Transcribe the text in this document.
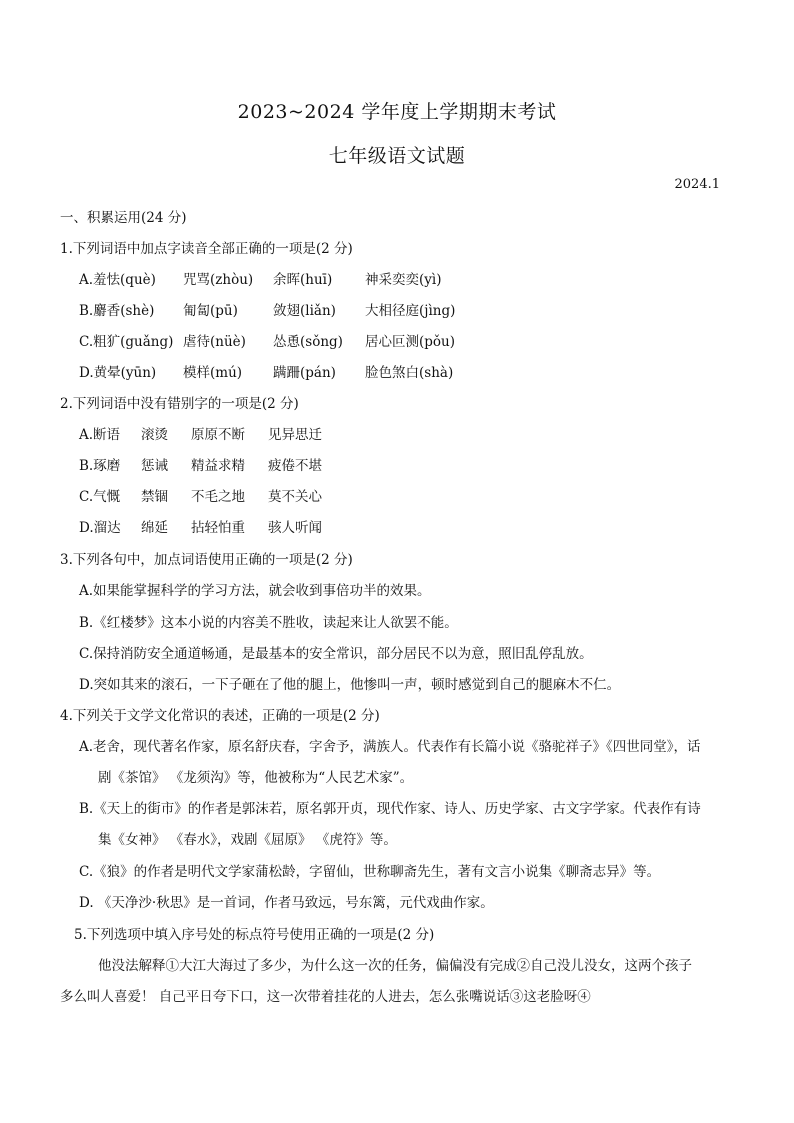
2023~2024 学年度上学期期末考试
七年级语文试题
2024.1
一、积累运用(24 分)
1.下列词语中加点字读音全部正确的一项是(2 分)
A.羞怯(què) 咒骂(zhòu) 余晖(huī) 神采奕奕(yì)
B.麝香(shè) 匍匐(pū)	敛翅(liǎn) 大相径庭(jìng)
C.粗犷(guǎng) 虐待(nüè) 怂恿(sǒng) 居心叵测(pǒu)
D.黄晕(yūn) 模样(mú) 蹒跚(pán) 脸色煞白(shà)
2.下列词语中没有错别字的一项是(2 分)
A.断语 滚烫 原原不断 见异思迁
B.琢磨 惩诫 精益求精 疲倦不堪
C.气慨 禁锢 不毛之地 莫不关心
D.溜达 绵延 拈轻怕重 骇人听闻
3.下列各句中，加点词语使用正确的一项是(2 分)
A.如果能掌握科学的学习方法，就会收到事倍功半的效果。
B.《红楼梦》这本小说的内容美不胜收，读起来让人欲罢不能。
C.保持消防安全通道畅通，是最基本的安全常识，部分居民不以为意，照旧乱停乱放。
D.突如其来的滚石，一下子砸在了他的腿上，他惨叫一声，顿时感觉到自己的腿麻木不仁。
4.下列关于文学文化常识的表述，正确的一项是(2 分)
A.老舍，现代著名作家，原名舒庆春，字舍予，满族人。代表作有长篇小说《骆驼祥子》《四世同堂》，话
剧《茶馆》 《龙须沟》等，他被称为“人民艺术家”。
B.《天上的街市》的作者是郭沫若，原名郭开贞，现代作家、诗人、历史学家、古文字学家。代表作有诗
集《女神》 《春水》，戏剧《屈原》 《虎符》等。
C.《狼》的作者是明代文学家蒲松龄，字留仙，世称聊斋先生，著有文言小说集《聊斋志异》等。
D. 《天净沙·秋思》是一首词，作者马致远，号东篱，元代戏曲作家。
5.下列选项中填入序号处的标点符号使用正确的一项是(2 分)
他没法解释①大江大海过了多少，为什么这一次的任务，偏偏没有完成②自己没儿没女，这两个孩子
多么叫人喜爱！ 自己平日夸下口，这一次带着挂花的人进去，怎么张嘴说话③这老脸呀④
